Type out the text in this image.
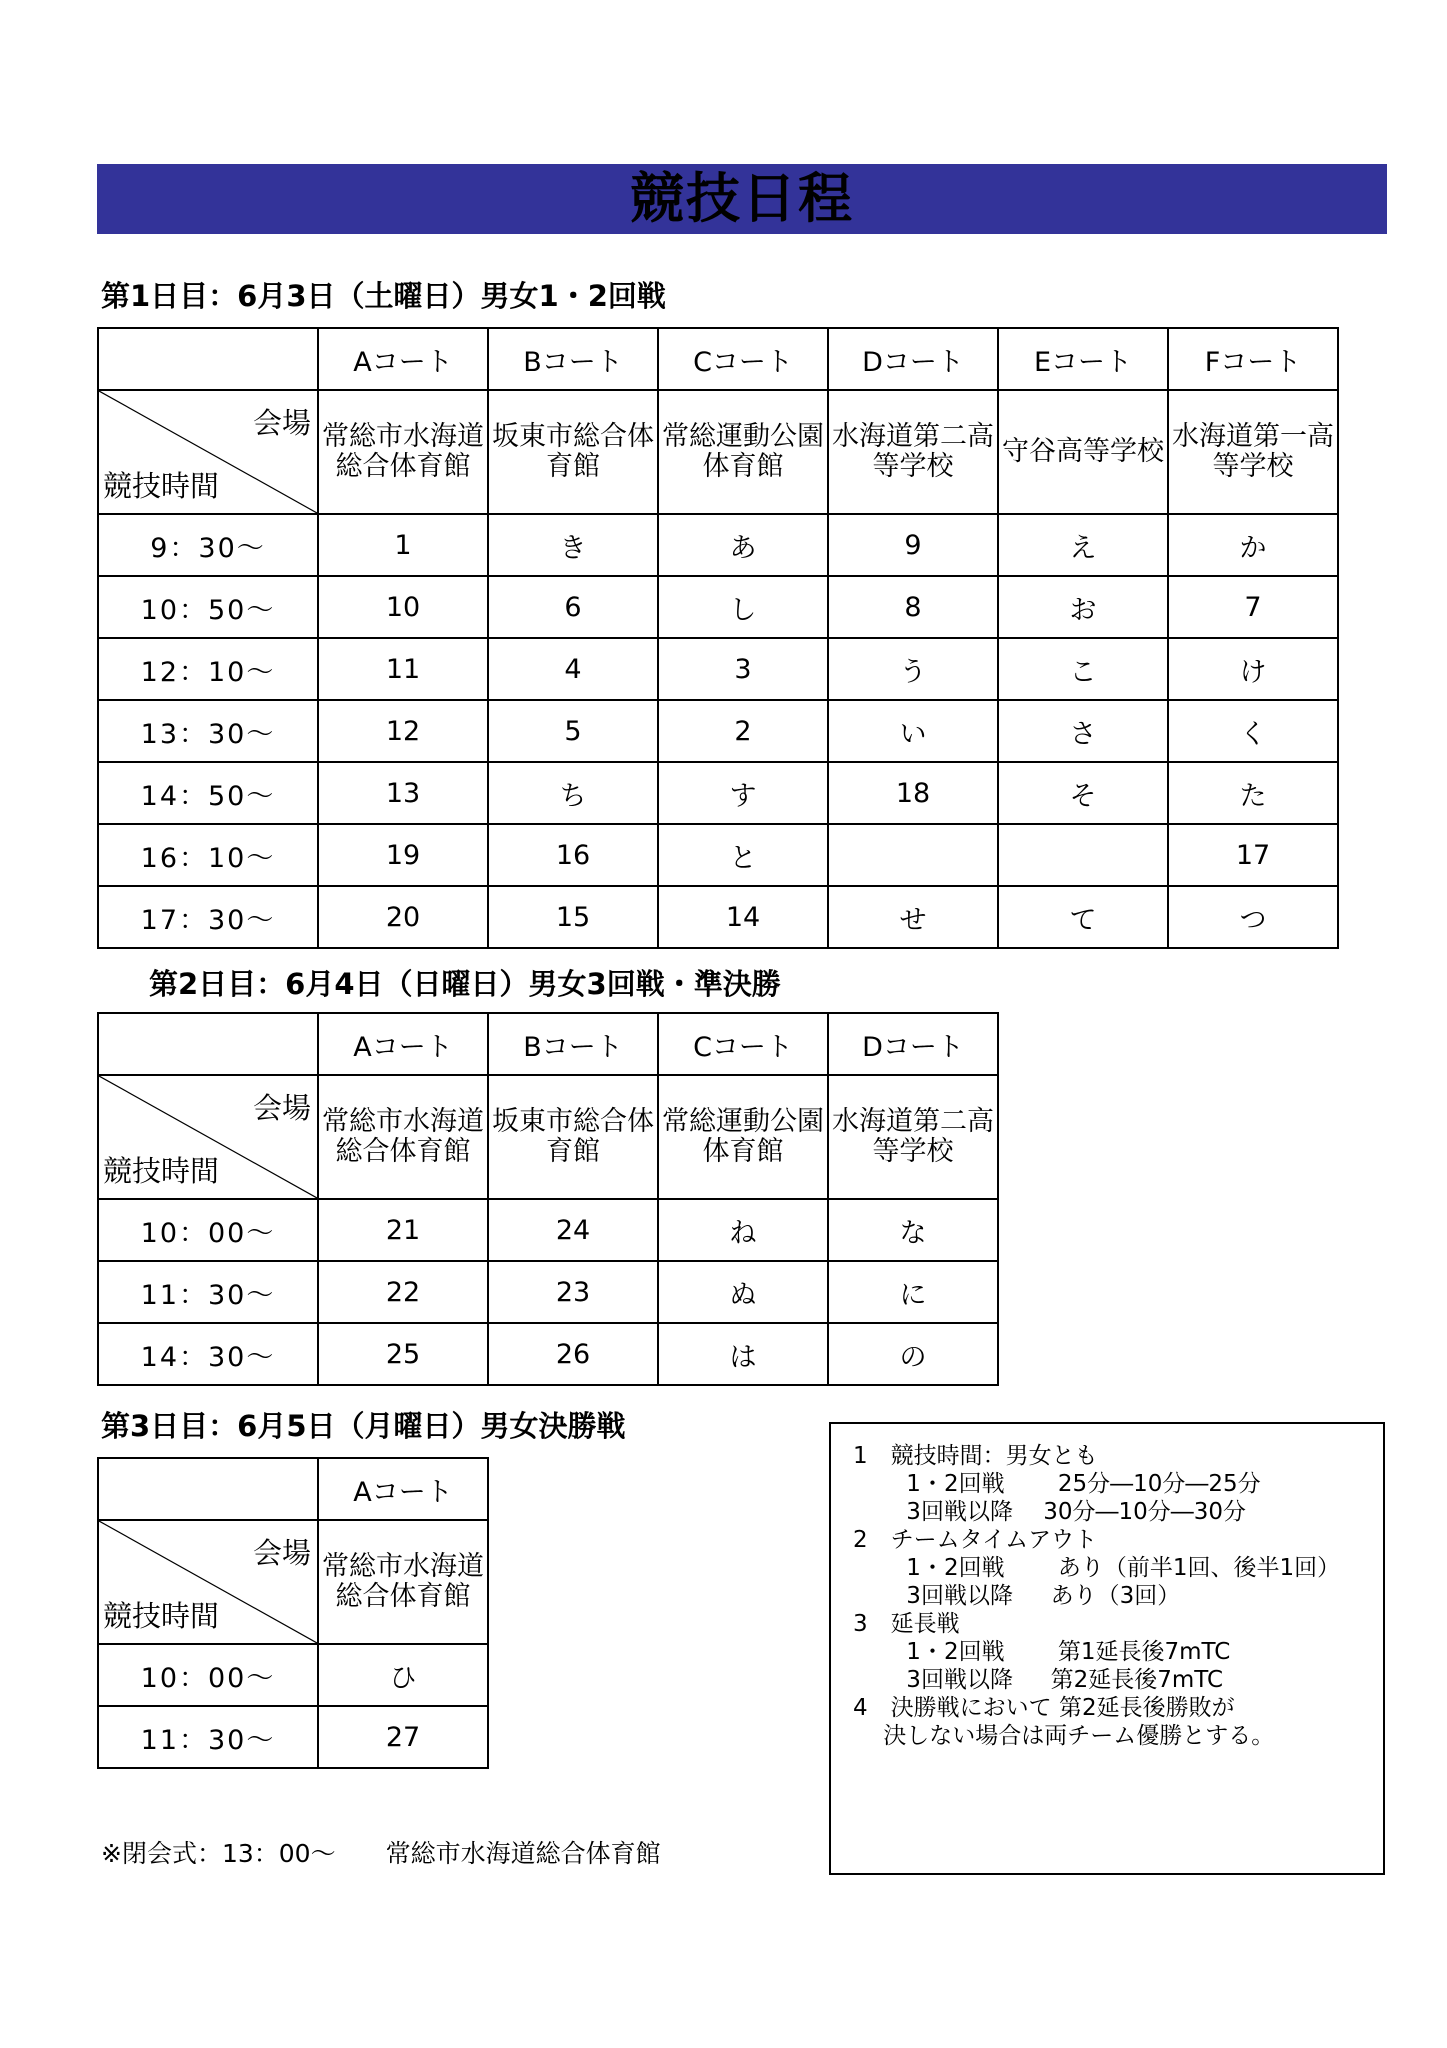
競技日程
第1日目：6月3日（土曜日）男女1・2回戦
	Aコート	Bコート	Cコート	Dコート	Eコート	Fコート

会場
競技時間	常総市水海道総合体育館	坂東市総合体育館	常総運動公園体育館	水海道第二高等学校	守谷高等学校	水海道第一高等学校
9：30～	1	き	あ	9	え	か
10：50～	10	6	し	8	お	7
12：10～	11	4	3	う	こ	け
13：30～	12	5	2	い	さ	く
14：50～	13	ち	す	18	そ	た
16：10～	19	16	と			17
17：30～	20	15	14	せ	て	つ
第2日目：6月4日（日曜日）男女3回戦・準決勝
	Aコート	Bコート	Cコート	Dコート

会場
競技時間	常総市水海道総合体育館	坂東市総合体育館	常総運動公園体育館	水海道第二高等学校
10：00～	21	24	ね	な
11：30～	22	23	ぬ	に
14：30～	25	26	は	の
第3日目：6月5日（月曜日）男女決勝戦
	Aコート

会場
競技時間	常総市水海道総合体育館
10：00～	ひ
11：30～	27
1　競技時間：男女とも
　　 1・2回戦　　 25分―10分―25分
　　 3回戦以降 　30分―10分―30分
2　チームタイムアウト
　　 1・2回戦　　 あり（前半1回、後半1回）
　　 3回戦以降 　 あり（3回）
3　延長戦
　　 1・2回戦　　 第1延長後7mTC
　　 3回戦以降 　 第2延長後7mTC
4　決勝戦において 第2延長後勝敗が
　 決しない場合は両チーム優勝とする。
※閉会式：13：00～　　常総市水海道総合体育館
